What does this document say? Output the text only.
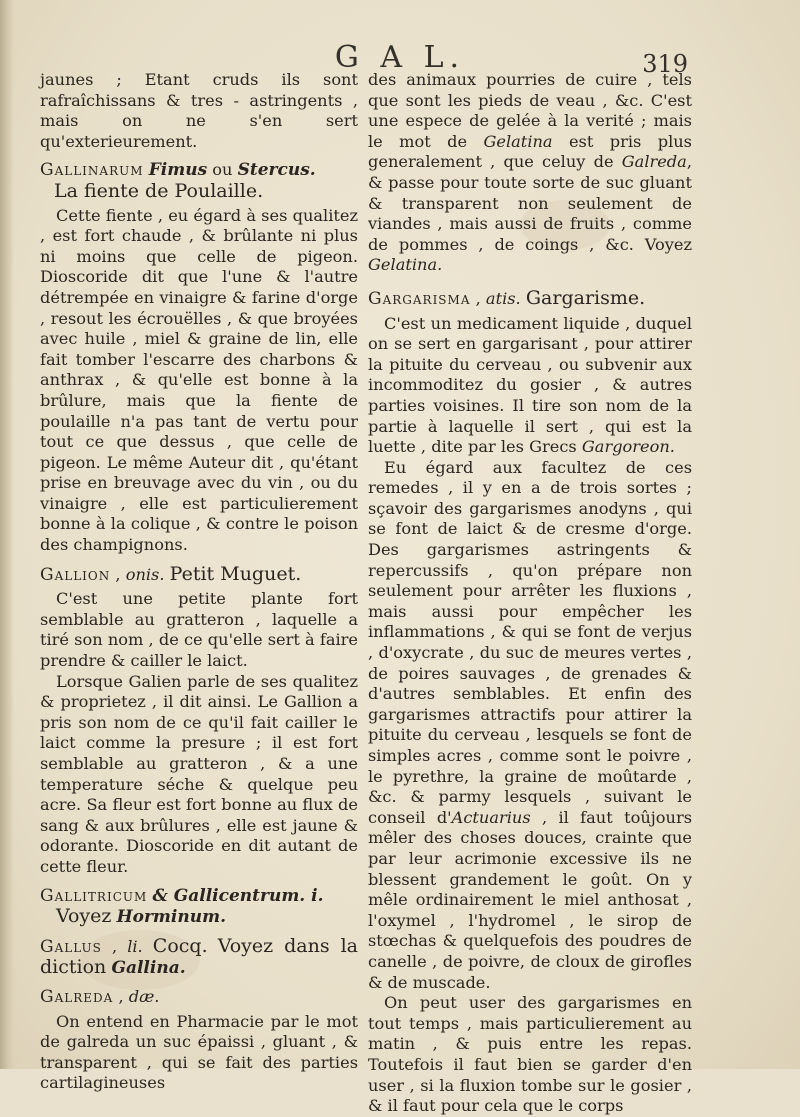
G A L.	319

jaunes ; Etant cruds ils sont rafraîchissans & tres - astringents , mais on ne s'en sert qu'exterieurement.

Gallinarum Fimus ou Stercus.
La fiente de Poulaille.

Cette fiente , eu égard à ses qualitez , est fort chaude , & brûlante ni plus ni moins que celle de pigeon. Dioscoride dit que l'une & l'autre détrempée en vinaigre & farine d'orge , resout les écrouëlles , & que broyées avec huile , miel & graine de lin, elle fait tomber l'escarre des charbons & anthrax , & qu'elle est bonne à la brûlure, mais que la fiente de poulaille n'a pas tant de vertu pour tout ce que dessus , que celle de pigeon. Le même Auteur dit , qu'étant prise en breuvage avec du vin , ou du vinaigre , elle est particulierement bonne à la colique , & contre le poison des champignons.

Gallion , onis. Petit Muguet.

C'est une petite plante fort semblable au gratteron , laquelle a tiré son nom , de ce qu'elle sert à faire prendre & cailler le laict.

Lorsque Galien parle de ses qualitez & proprietez , il dit ainsi. Le Gallion a pris son nom de ce qu'il fait cailler le laict comme la presure ; il est fort semblable au gratteron , & a une temperature séche & quelque peu acre. Sa fleur est fort bonne au flux de sang & aux brûlures , elle est jaune & odorante. Dioscoride en dit autant de cette fleur.

Gallitricum & Gallicentrum. i.
Voyez Horminum.
Gallus , li. Cocq. Voyez dans la diction Gallina.
Galreda , dæ.

On entend en Pharmacie par le mot de galreda un suc épaissi , gluant , & transparent , qui se fait des parties cartilagineuses

des animaux pourries de cuire , tels que sont les pieds de veau , &c. C'est une espece de gelée à la verité ; mais le mot de Gelatina est pris plus generalement , que celuy de Galreda, & passe pour toute sorte de suc gluant & transparent non seulement de viandes , mais aussi de fruits , comme de pommes , de coings , &c. Voyez Gelatina.

Gargarisma , atis. Gargarisme.

C'est un medicament liquide , duquel on se sert en gargarisant , pour attirer la pituite du cerveau , ou subvenir aux incommoditez du gosier , & autres parties voisines. Il tire son nom de la partie à laquelle il sert , qui est la luette , dite par les Grecs Gargoreon.

Eu égard aux facultez de ces remedes , il y en a de trois sortes ; sçavoir des gargarismes anodyns , qui se font de laict & de cresme d'orge. Des gargarismes astringents & repercussifs , qu'on prépare non seulement pour arrêter les fluxions , mais aussi pour empêcher les inflammations , & qui se font de verjus , d'oxycrate , du suc de meures vertes , de poires sauvages , de grenades & d'autres semblables. Et enfin des gargarismes attractifs pour attirer la pituite du cerveau , lesquels se font de simples acres , comme sont le poivre , le pyrethre, la graine de moûtarde , &c. & parmy lesquels , suivant le conseil d'Actuarius , il faut toûjours mêler des choses douces, crainte que par leur acrimonie excessive ils ne blessent grandement le goût. On y mêle ordinairement le miel anthosat , l'oxymel , l'hydromel , le sirop de stœchas & quelquefois des poudres de canelle , de poivre, de cloux de girofles & de muscade.

On peut user des gargarismes en tout temps , mais particulierement au matin , & puis entre les repas. Toutefois il faut bien se garder d'en user , si la fluxion tombe sur le gosier , & il faut pour cela que le corps
